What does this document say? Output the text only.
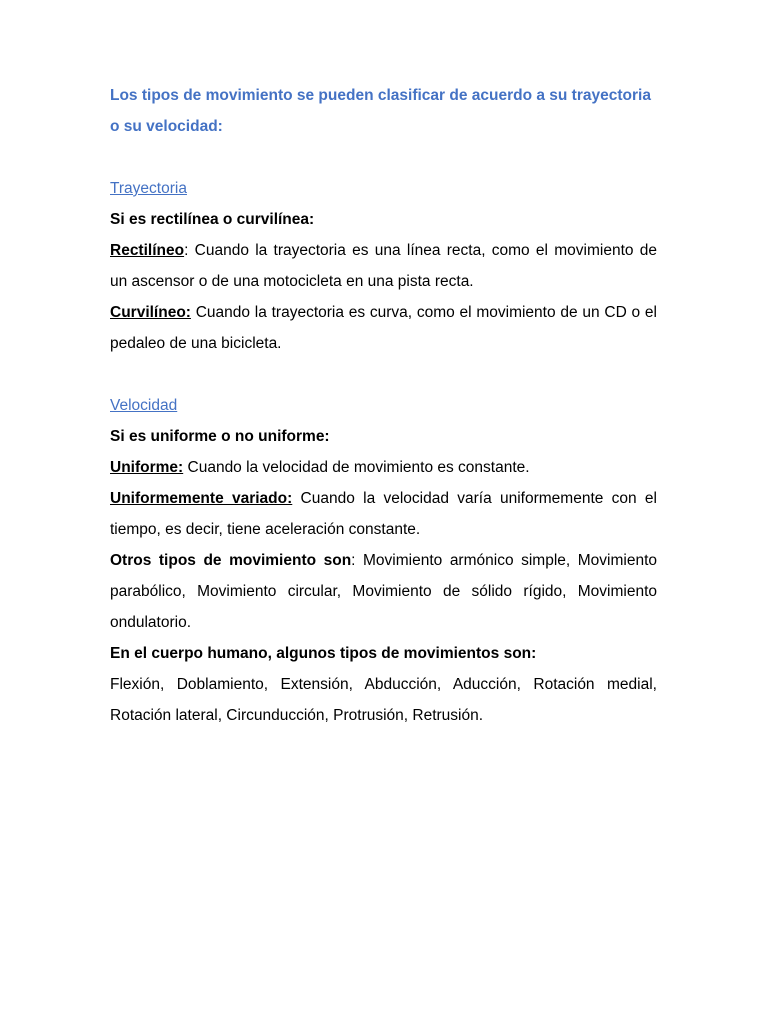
Los tipos de movimiento se pueden clasificar de acuerdo a su trayectoria o su velocidad:

Trayectoria

Si es rectilínea o curvilínea:

Rectilíneo: Cuando la trayectoria es una línea recta, como el movimiento de un ascensor o de una motocicleta en una pista recta.

Curvilíneo: Cuando la trayectoria es curva, como el movimiento de un CD o el pedaleo de una bicicleta.

Velocidad

Si es uniforme o no uniforme:

Uniforme: Cuando la velocidad de movimiento es constante.

Uniformemente variado: Cuando la velocidad varía uniformemente con el tiempo, es decir, tiene aceleración constante.

Otros tipos de movimiento son: Movimiento armónico simple, Movimiento parabólico, Movimiento circular, Movimiento de sólido rígido, Movimiento ondulatorio.

En el cuerpo humano, algunos tipos de movimientos son:

Flexión, Doblamiento, Extensión, Abducción, Aducción, Rotación medial, Rotación lateral, Circunducción, Protrusión, Retrusión.
